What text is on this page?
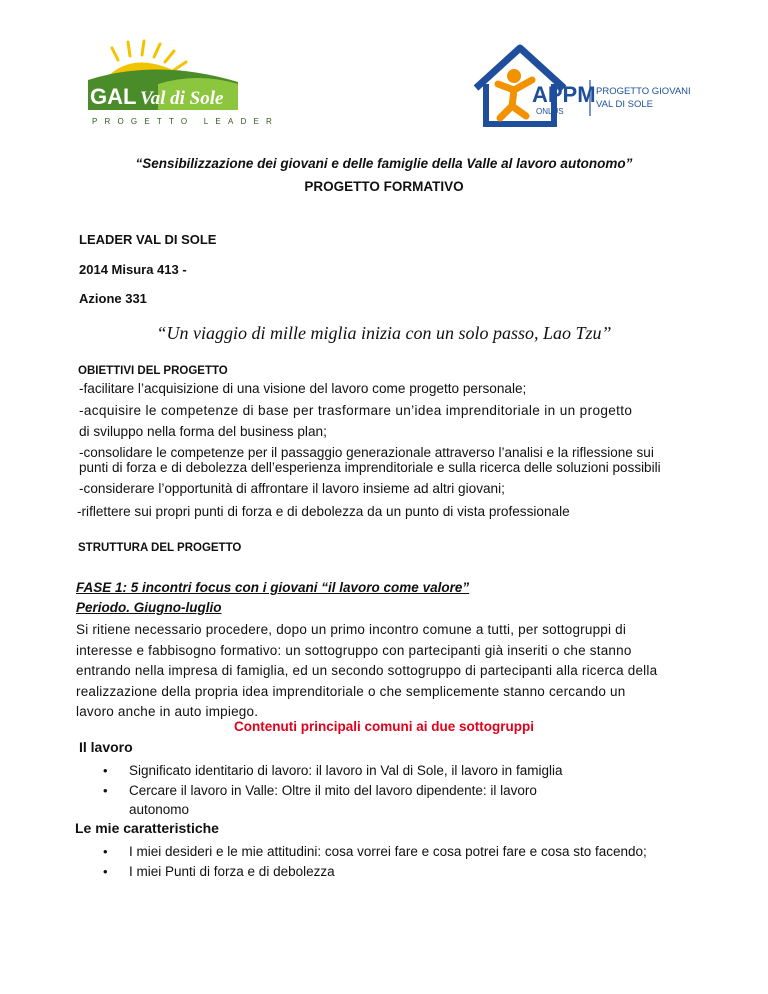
GAL Val di Sole
PROGETTO LEADER
APPM
ONLUS
PROGETTO GIOVANI
VAL DI SOLE
“Sensibilizzazione dei giovani e delle famiglie della Valle al lavoro autonomo”
PROGETTO FORMATIVO
LEADER VAL DI SOLE
2014 Misura 413 -
Azione 331
“Un viaggio di mille miglia inizia con un solo passo, Lao Tzu”
OBIETTIVI DEL PROGETTO
-facilitare l’acquisizione di una visione del lavoro come progetto personale;
-acquisire le competenze di base per trasformare un’idea imprenditoriale in un progetto
di sviluppo nella forma del business plan;
-consolidare le competenze per il passaggio generazionale attraverso l’analisi e la riflessione sui
punti di forza e di debolezza dell’esperienza imprenditoriale e sulla ricerca delle soluzioni possibili
-considerare l’opportunità di affrontare il lavoro insieme ad altri giovani;
-riflettere sui propri punti di forza e di debolezza da un punto di vista professionale
STRUTTURA DEL PROGETTO
FASE 1: 5 incontri focus con i giovani “il lavoro come valore”
Periodo. Giugno-luglio
Si ritiene necessario procedere, dopo un primo incontro comune a tutti, per sottogruppi di
interesse e fabbisogno formativo: un sottogruppo con partecipanti già inseriti o che stanno
entrando nella impresa di famiglia, ed un secondo sottogruppo di partecipanti alla ricerca della
realizzazione della propria idea imprenditoriale o che semplicemente stanno cercando un
lavoro anche in auto impiego.
Contenuti principali comuni ai due sottogruppi
Il lavoro
• Significato identitario di lavoro: il lavoro in Val di Sole, il lavoro in famiglia
• Cercare il lavoro in Valle: Oltre il mito del lavoro dipendente: il lavoro
autonomo
Le mie caratteristiche
• I miei desideri e le mie attitudini: cosa vorrei fare e cosa potrei fare e cosa sto facendo;
• I miei Punti di forza e di debolezza
